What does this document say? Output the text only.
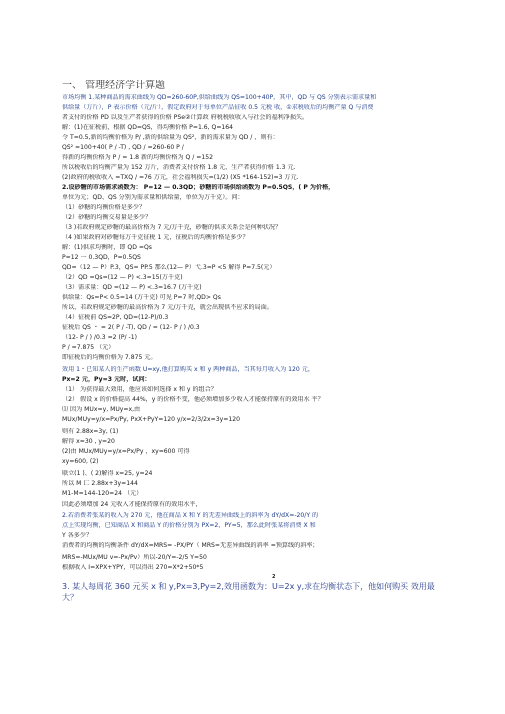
一、 管理经济学计算题
市场均衡 1.某种商品的需求曲线为 QD=260-60P,供给曲线为 QS=100+40P，其中，QD 与 QS 分别表示需求量和
供给量（万斤），P 表示价格（元/斤），假定政府对于每单位产品征收 0.5 元税 收，①求税收后的均衡产量 Q 与消费
者支付的价格 PD 以及生产者获得的价格 PSe②计算政 府税税收收入与社会的福利净损失。
解：(1)在征税前，根据 QD=QS，得均衡价格 P=1.6, Q=164
令 T=0.5,新的均衡价格为 P/ ,新的供给量为 QS²，新的需求量为 QD / ，则有：
QS² =100+40( P / -T) , QD / =260-60 P /
得新的均衡价格为 P / = 1.8 新的均衡价格为 Q / =152
所以税收后的均衡产量为 152 万斤，消费者支付价格 1.8 元，生产者获得价格 1.3 元.
(2)政府的税收收入 =TXQ / =76 万元，社会福利损失=(1/2) (X5 *164-152)=3 万元.
2.设砂糖的市场需求函数为： P=12 — 0.3QD；砂糖的市场供给函数为 P=0.5QS，( P 为价格，
单位为元；QD、QS 分别为需求量和供给量，单位为万千克）。问：
（1）砂糖的均衡价格是多少？
（2）砂糖的均衡交易量是多少？
（3 )若政府规定砂糖的最高价格为 7 元/万千克，砂糖的供求关系会是何种状况？
（4 )如果政府对砂糖每万千克征税 1 元，征税后的均衡价格是多少？
解：(1)供求均衡时，即 QD =Qs
P=12 一 0.3QD，P=0.5QS
QD=（12 — P）P.3，QS= PP.5 那么(12— P）弋.3=P <5 解得 P=7.5(元）
（2）QD =Qs=(12 — P) <.3=15(万千克)
（3）需求量：QD =(12 — P) <.3=16.7 (万千克)
供给量：Qs=P< 0.5=14 (万千克) 可见 P=7 时,QD> Qs
所以，若政府规定砂糖的最高价格为 7 元/万千克，就会出现供不应求的局面。
（4）征税前 QS=2P, QD=(12-P)/0.3
征税后 QS ・ = 2( P / -T), QD / = (12- P / ) /0.3
（12- P / ) /0.3 =2 (P/ -1)
P / =7.875 （元）
即征税后的均衡价格为 7.875 元。
效用 1・已知某人的生产函数 U=xy,他打算购买 x 和 y 两种商品，当其每月收入为 120 元，
Px=2 元，Py=3 元时，试问：
（1） 为获得最大效用，他应该如何选择 x 和 y 的组合？
（2） 假设 x 的价格提高 44%，y 的价格不变，他必须增加多少收入才能保持原有的效用水 平？
⑴ 因为 MUx=y, MUy=x,由
MUx/MUy=y/x=Px/Py, PxX+PyY=120 y/x=2/3/2x=3y=120
则有 2.88x=3y, (1)
解得 x=30 , y=20
(2)由 MUx/MUy=y/x=Px/Py ，xy=600 可得
xy=600, (2)
联立(1 )、( 2)解得 x=25, y=24
所以 M 匚 2.88x+3y=144
M1-M=144-120=24 （元）
因此必须增加 24 元收入才能保持原有的效用水平，
2.若消费者张某的收入为 270 元，他在商品 X 和 Y 的无差异曲线上的斜率为 dY/dX=-20/Y 的
点上实现均衡，已知商品 X 和商品 Y 的价格分别为 PX=2，PY=5，那么此时张某将消费 X 和
Y 各多少？
消费者的均衡的均衡条件 dY/dX=MRS= -PX/PY（ MRS=无差异曲线的斜率 =预算线的斜率；
MRS=-MUx/MU v=-Px/Pv）所以-20/Y=-2/5 Y=50
根据收入 I=XPX+YPY，可以得出 270=X*2+50*5
2
3. 某人每周花 360 元买 x 和 y,Px=3,Py=2,效用函数为：U=2x y,求在均衡状态下，他如何购买 效用最
大？
